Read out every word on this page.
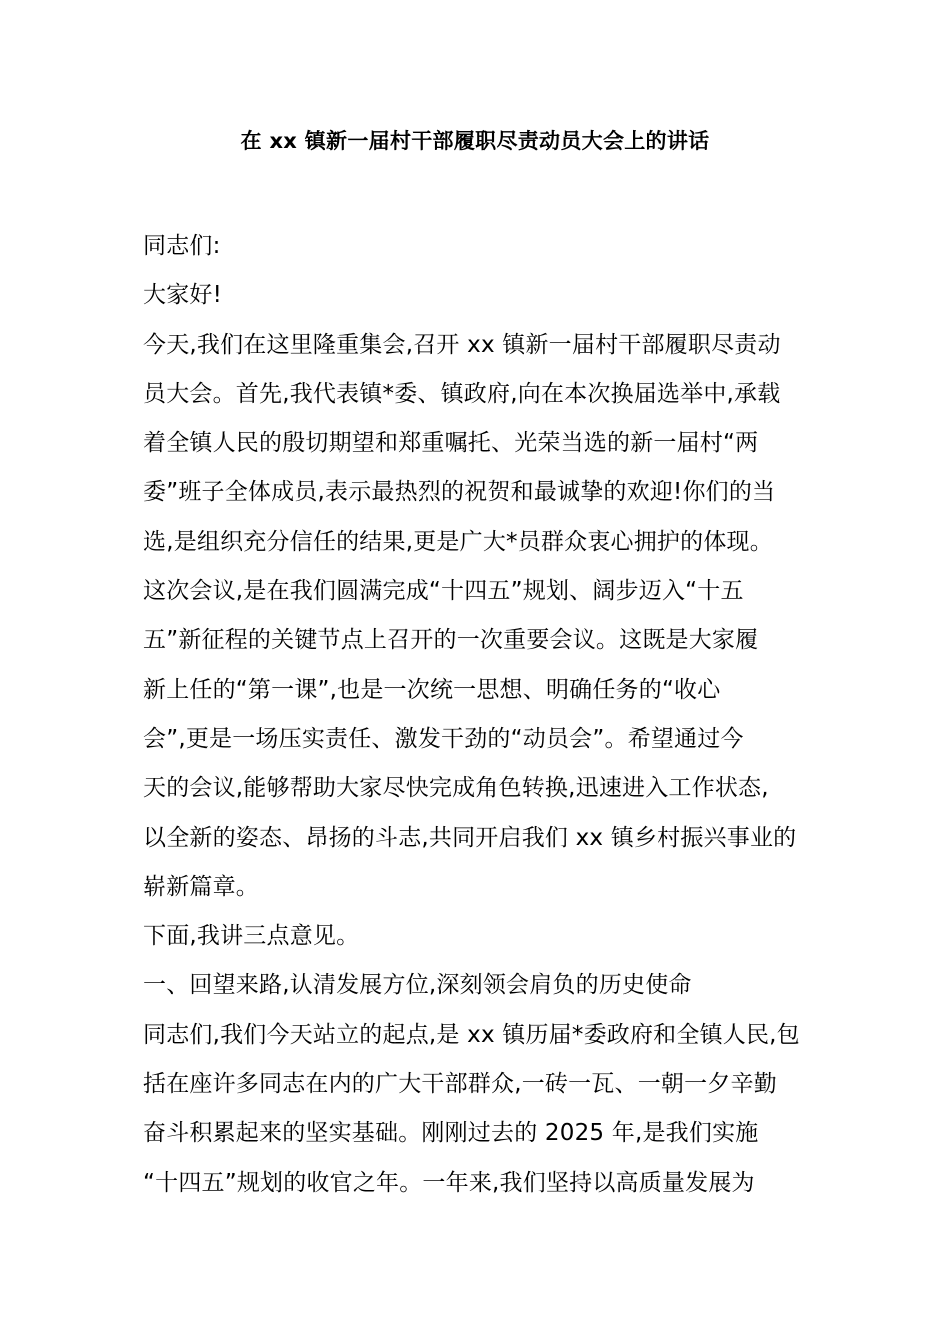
在 xx 镇新一届村干部履职尽责动员大会上的讲话
同志们:
大家好!
今天,我们在这里隆重集会,召开 xx 镇新一届村干部履职尽责动
员大会。首先,我代表镇*委、镇政府,向在本次换届选举中,承载
着全镇人民的殷切期望和郑重嘱托、光荣当选的新一届村“两
委”班子全体成员,表示最热烈的祝贺和最诚挚的欢迎!你们的当
选,是组织充分信任的结果,更是广大*员群众衷心拥护的体现。
这次会议,是在我们圆满完成“十四五”规划、阔步迈入“十五
五”新征程的关键节点上召开的一次重要会议。这既是大家履
新上任的“第一课”,也是一次统一思想、明确任务的“收心
会”,更是一场压实责任、激发干劲的“动员会”。希望通过今
天的会议,能够帮助大家尽快完成角色转换,迅速进入工作状态,
以全新的姿态、昂扬的斗志,共同开启我们 xx 镇乡村振兴事业的
崭新篇章。
下面,我讲三点意见。
一、回望来路,认清发展方位,深刻领会肩负的历史使命
同志们,我们今天站立的起点,是 xx 镇历届*委政府和全镇人民,包
括在座许多同志在内的广大干部群众,一砖一瓦、一朝一夕辛勤
奋斗积累起来的坚实基础。刚刚过去的 2025 年,是我们实施
“十四五”规划的收官之年。一年来,我们坚持以高质量发展为
